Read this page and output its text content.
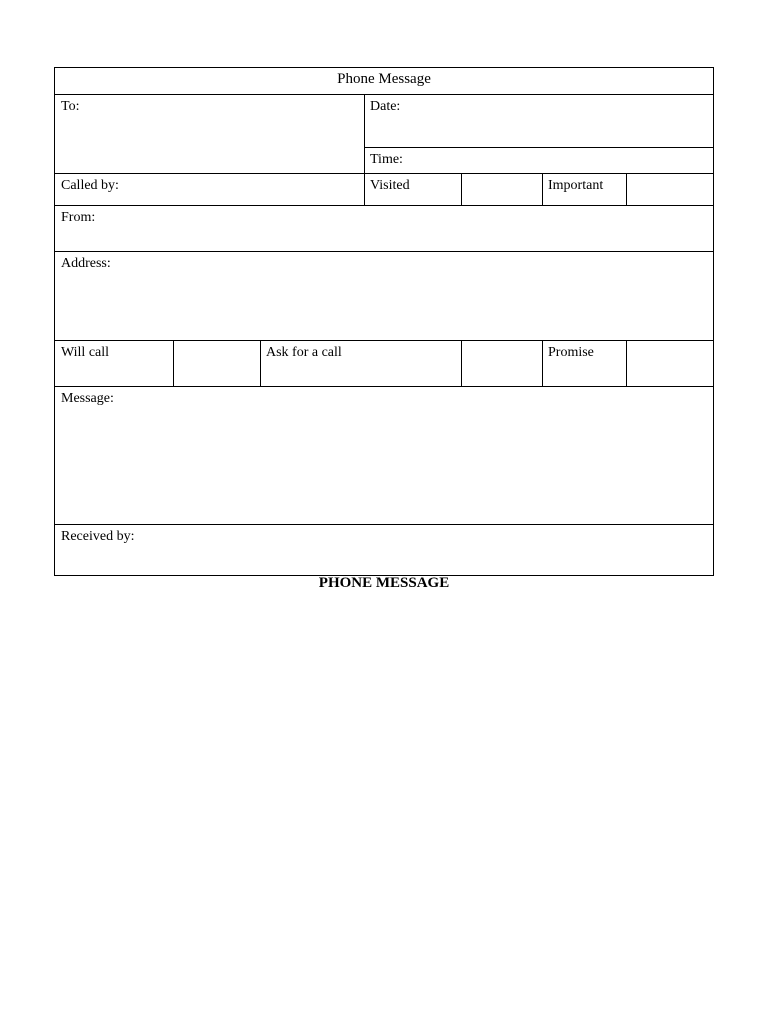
Phone Message
To:	Date:
Time:
Called by:	Visited	Important
From:
Address:
Will call	Ask for a call	Promise
Message:
Received by:
PHONE MESSAGE
